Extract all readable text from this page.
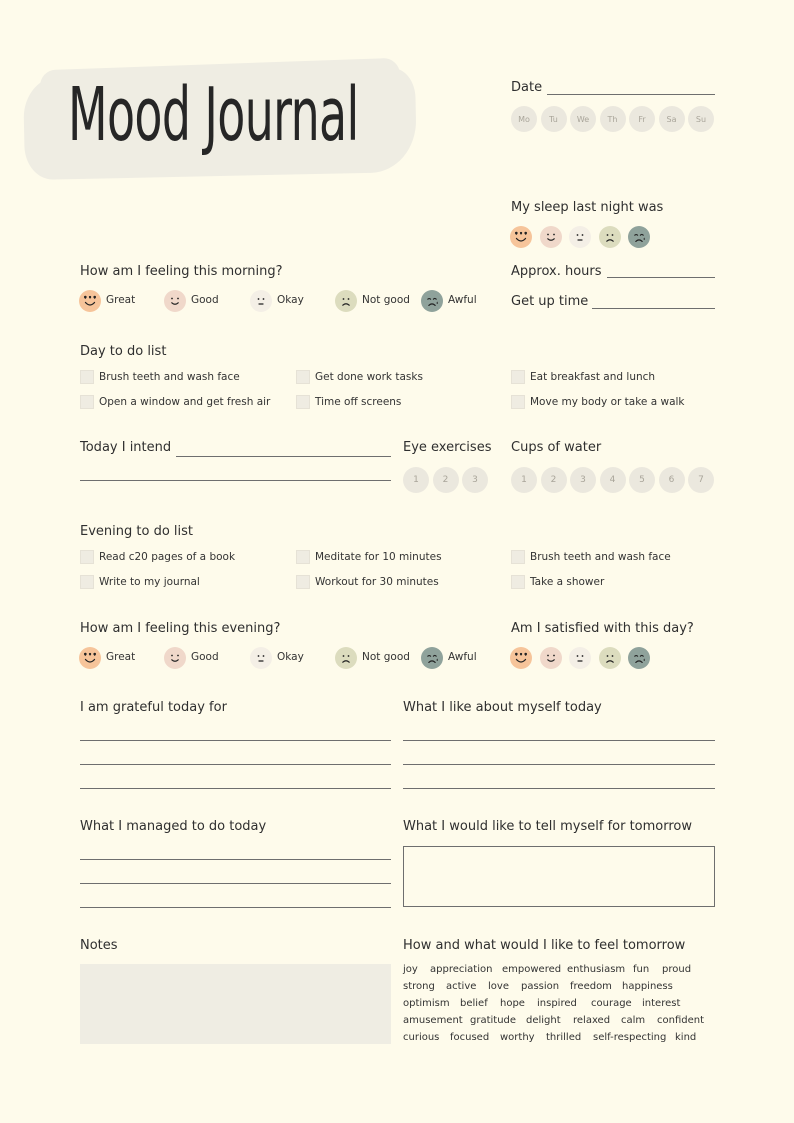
Mood Journal	Date
Mo	Tu	We	Th	Fr	Sa	Su
My sleep last night was
Approx. hours
Get up time
How am I feeling this morning?
Great	Good	Okay	Not good	Awful
Day to do list
Brush teeth and wash face	Get done work tasks	Eat breakfast and lunch
Open a window and get fresh air	Time off screens	Move my body or take a walk
Today I intend	Eye exercises
1	2	3
Cups of water
1	2	3	4	5	6	7
Evening to do list
Read c20 pages of a book	Meditate for 10 minutes	Brush teeth and wash face
Write to my journal	Workout for 30 minutes	Take a shower
How am I feeling this evening?
Great	Good	Okay	Not good	Awful
Am I satisfied with this day?
I am grateful today for	What I like about myself today
What I managed to do today	What I would like to tell myself for tomorrow
Notes	How and what would I like to feel tomorrow
joy appreciation empowered enthusiasm fun proud
strong active love passion freedom happiness
optimism belief hope inspired courage interest
amusement gratitude delight relaxed calm confident
curious focused worthy thrilled self-respecting kind
